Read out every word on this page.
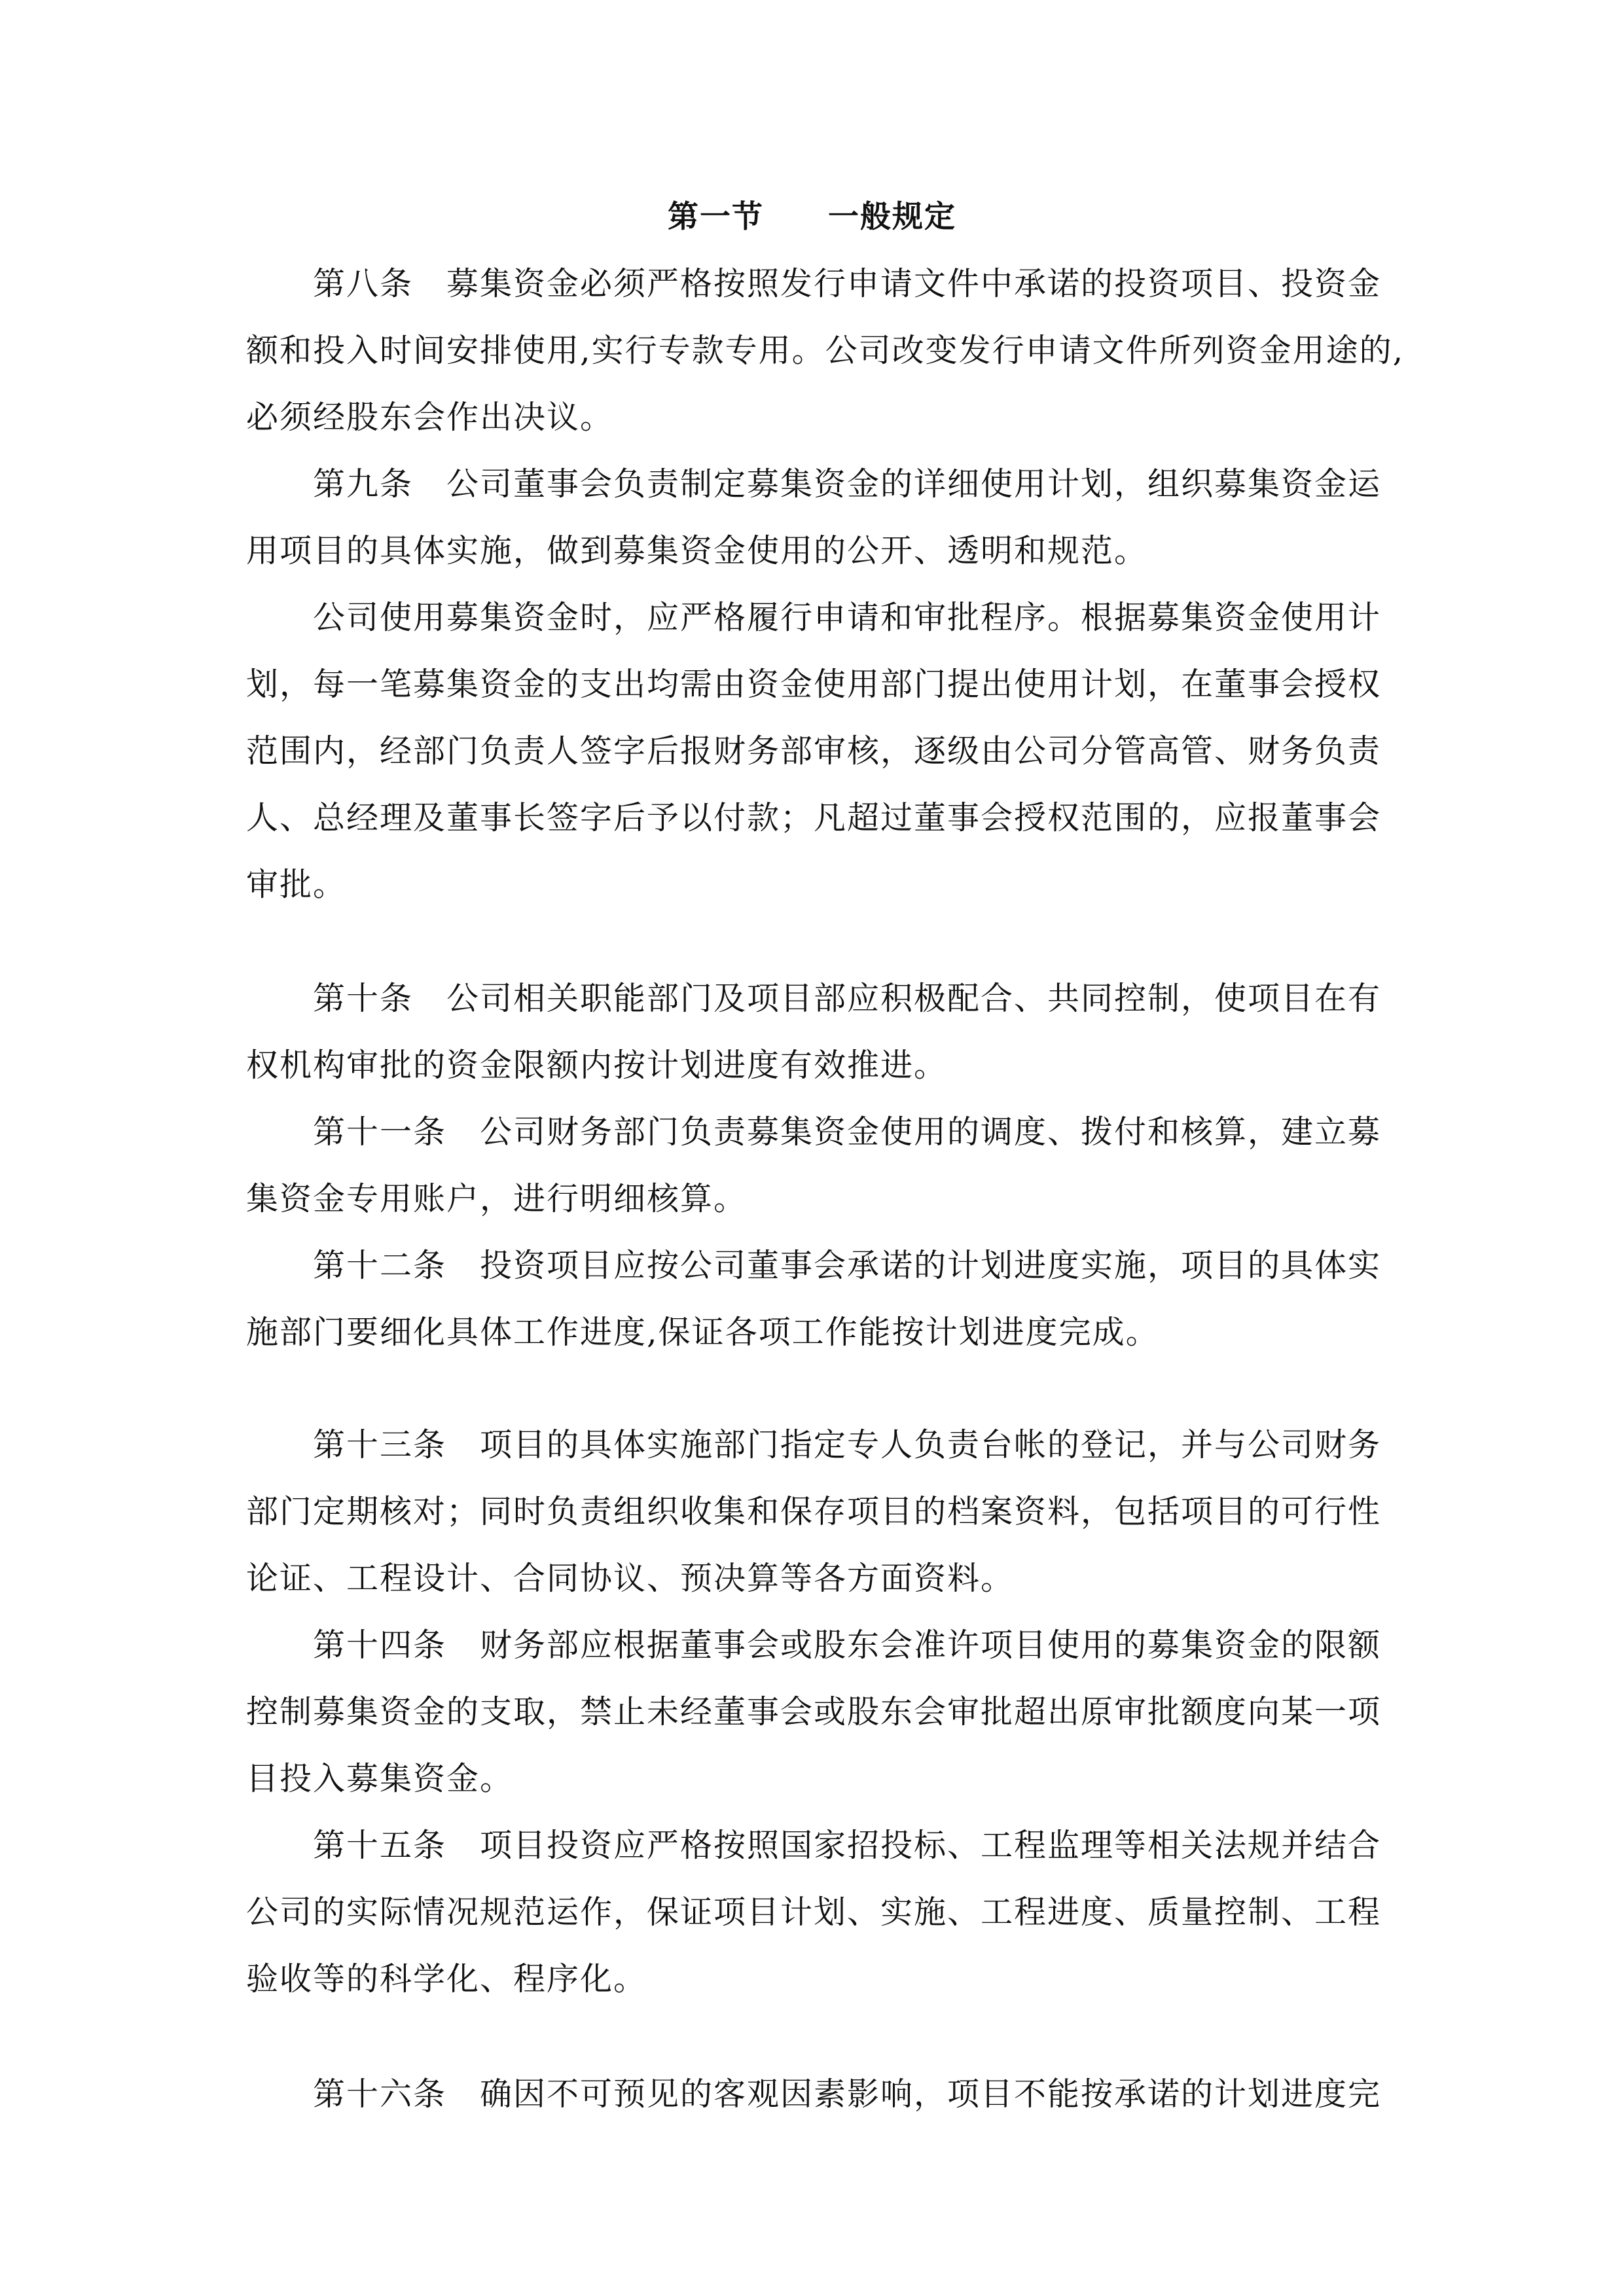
第一节　　一般规定
第八条　募集资金必须严格按照发行申请文件中承诺的投资项目、投资金
额和投入时间安排使用,实行专款专用。公司改变发行申请文件所列资金用途的,
必须经股东会作出决议。
第九条　公司董事会负责制定募集资金的详细使用计划，组织募集资金运
用项目的具体实施，做到募集资金使用的公开、透明和规范。
公司使用募集资金时，应严格履行申请和审批程序。根据募集资金使用计
划，每一笔募集资金的支出均需由资金使用部门提出使用计划，在董事会授权
范围内，经部门负责人签字后报财务部审核，逐级由公司分管高管、财务负责
人、总经理及董事长签字后予以付款；凡超过董事会授权范围的，应报董事会
审批。
第十条　公司相关职能部门及项目部应积极配合、共同控制，使项目在有
权机构审批的资金限额内按计划进度有效推进。
第十一条　公司财务部门负责募集资金使用的调度、拨付和核算，建立募
集资金专用账户，进行明细核算。
第十二条　投资项目应按公司董事会承诺的计划进度实施，项目的具体实
施部门要细化具体工作进度,保证各项工作能按计划进度完成。
第十三条　项目的具体实施部门指定专人负责台帐的登记，并与公司财务
部门定期核对；同时负责组织收集和保存项目的档案资料，包括项目的可行性
论证、工程设计、合同协议、预决算等各方面资料。
第十四条　财务部应根据董事会或股东会准许项目使用的募集资金的限额
控制募集资金的支取，禁止未经董事会或股东会审批超出原审批额度向某一项
目投入募集资金。
第十五条　项目投资应严格按照国家招投标、工程监理等相关法规并结合
公司的实际情况规范运作，保证项目计划、实施、工程进度、质量控制、工程
验收等的科学化、程序化。
第十六条　确因不可预见的客观因素影响，项目不能按承诺的计划进度完
